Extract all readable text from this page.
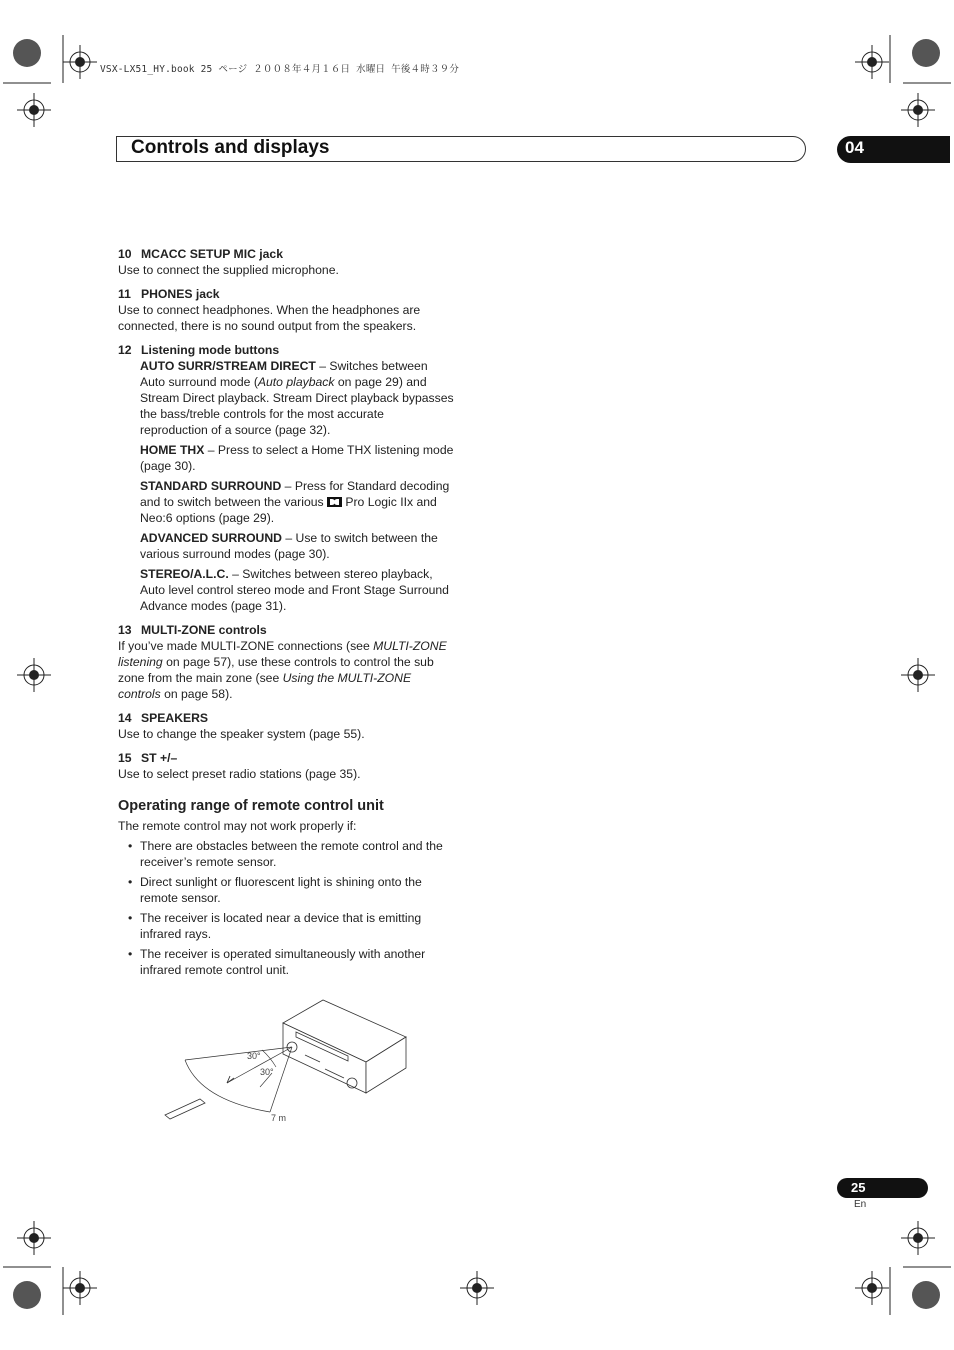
VSX-LX51_HY.book 25 ページ ２００８年４月１６日 水曜日 午後４時３９分
Controls and displays	04

10 MCACC SETUP MIC jack

Use to connect the supplied microphone.

11 PHONES jack

Use to connect headphones. When the headphones are connected, there is no sound output from the speakers.

12 Listening mode buttons

AUTO SURR/STREAM DIRECT – Switches between Auto surround mode (Auto playback on page 29) and Stream Direct playback. Stream Direct playback bypasses the bass/treble controls for the most accurate reproduction of a source (page 32).

HOME THX – Press to select a Home THX listening mode (page 30).

STANDARD SURROUND – Press for Standard decoding and to switch between the various  Pro Logic IIx and Neo:6 options (page 29).

ADVANCED SURROUND – Use to switch between the various surround modes (page 30).

STEREO/A.L.C. – Switches between stereo playback, Auto level control stereo mode and Front Stage Surround Advance modes (page 31).

13 MULTI-ZONE controls

If you’ve made MULTI-ZONE connections (see MULTI-ZONE listening on page 57), use these controls to control the sub zone from the main zone (see Using the MULTI-ZONE controls on page 58).

14 SPEAKERS

Use to change the speaker system (page 55).

15 ST +/–

Use to select preset radio stations (page 35).

Operating range of remote control unit

The remote control may not work properly if:

• There are obstacles between the remote control and the receiver’s remote sensor.

• Direct sunlight or fluorescent light is shining onto the remote sensor.

• The receiver is located near a device that is emitting infrared rays.

• The receiver is operated simultaneously with another infrared remote control unit.

30°
30°
7 m
25
En
